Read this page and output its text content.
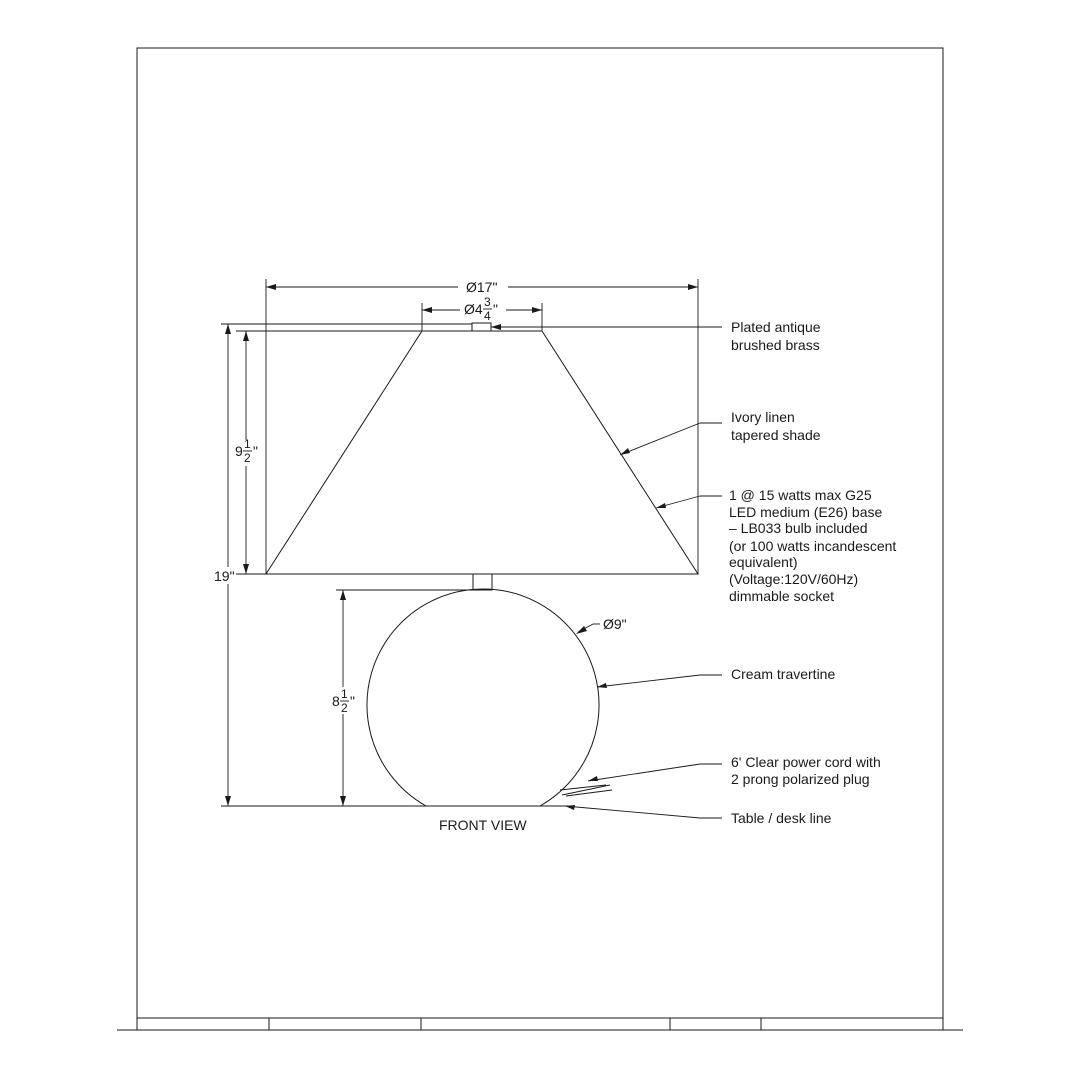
Ø17"
Ø4 3
4 "
9 1
2 "
19"
8 1
2 "
Ø9"
Plated antique
brushed brass
Ivory linen
tapered shade
1 @ 15 watts max G25
LED medium (E26) base
– LB033 bulb included
(or 100 watts incandescent
equivalent)
(Voltage:120V/60Hz)
dimmable socket
Cream travertine
6' Clear power cord with
2 prong polarized plug
Table / desk line
FRONT VIEW
